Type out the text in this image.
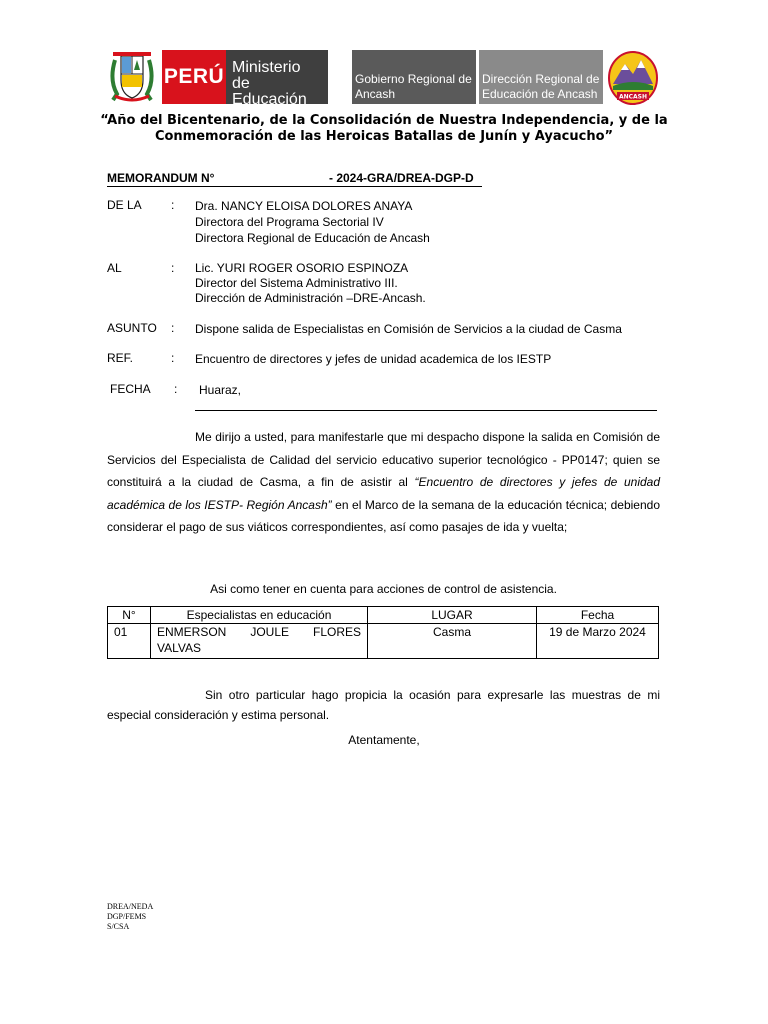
PERÚ Ministerio
de Educación
Gobierno Regional de
Ancash
Dirección Regional de
Educación de Ancash	ANCASH
“Año del Bicentenario, de la Consolidación de Nuestra Independencia, y de la
Conmemoración de las Heroicas Batallas de Junín y Ayacucho”
MEMORANDUM N°	- 2024-GRA/DREA-DGP-D
DE LA : Dra. NANCY ELOISA DOLORES ANAYA
Directora del Programa Sectorial IV
Directora Regional de Educación de Ancash
AL	: Lic. YURI ROGER OSORIO ESPINOZA
Director del Sistema Administrativo III.
Dirección de Administración –DRE-Ancash.
ASUNTO : Dispone salida de Especialistas en Comisión de Servicios a la ciudad de Casma
REF.	: Encuentro de directores y jefes de unidad academica de los IESTP
FECHA : Huaraz,
Me dirijo a usted, para manifestarle que mi despacho dispone la salida en Comisión de Servicios del Especialista de Calidad del servicio educativo superior tecnológico - PP0147; quien se constituirá a la ciudad de Casma, a fin de asistir al “Encuentro de directores y jefes de unidad académica de los IESTP- Región Ancash” en el Marco de la semana de la educación técnica; debiendo considerar el pago de sus viáticos correspondientes, así como pasajes de ida y vuelta;
Asi como tener en cuenta para acciones de control de asistencia.
N°	Especialistas en educación	LUGAR	Fecha
01	ENMERSON JOULE FLORES VALVAS	Casma	19 de Marzo 2024
Sin otro particular hago propicia la ocasión para expresarle las muestras de mi especial consideración y estima personal.
Atentamente,
DREA/NEDA
DGP/FEMS
S/CSA
